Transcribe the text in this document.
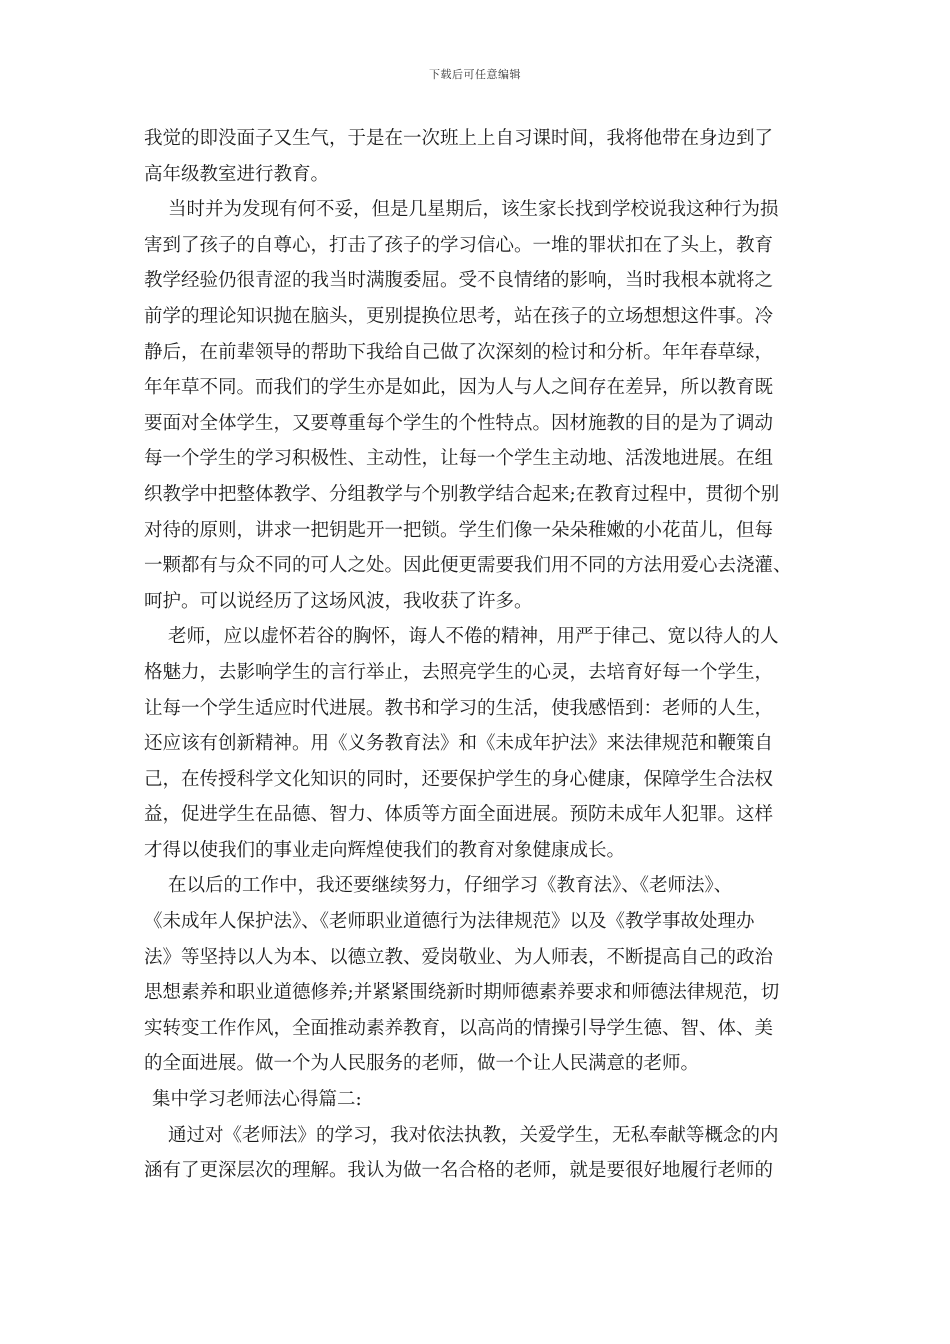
下载后可任意编辑
我觉的即没面子又生气，于是在一次班上上自习课时间，我将他带在身边到了
高年级教室进行教育。
当时并为发现有何不妥，但是几星期后，该生家长找到学校说我这种行为损
害到了孩子的自尊心，打击了孩子的学习信心。一堆的罪状扣在了头上，教育
教学经验仍很青涩的我当时满腹委屈。受不良情绪的影响，当时我根本就将之
前学的理论知识抛在脑头，更别提换位思考，站在孩子的立场想想这件事。冷
静后，在前辈领导的帮助下我给自己做了次深刻的检讨和分析。年年春草绿，
年年草不同。而我们的学生亦是如此，因为人与人之间存在差异，所以教育既
要面对全体学生，又要尊重每个学生的个性特点。因材施教的目的是为了调动
每一个学生的学习积极性、主动性，让每一个学生主动地、活泼地进展。在组
织教学中把整体教学、分组教学与个别教学结合起来;在教育过程中，贯彻个别
对待的原则，讲求一把钥匙开一把锁。学生们像一朵朵稚嫩的小花苗儿，但每
一颗都有与众不同的可人之处。因此便更需要我们用不同的方法用爱心去浇灌、
呵护。可以说经历了这场风波，我收获了许多。
老师，应以虚怀若谷的胸怀，诲人不倦的精神，用严于律己、宽以待人的人
格魅力，去影响学生的言行举止，去照亮学生的心灵，去培育好每一个学生，
让每一个学生适应时代进展。教书和学习的生活，使我感悟到：老师的人生，
还应该有创新精神。用《义务教育法》和《未成年护法》来法律规范和鞭策自
己，在传授科学文化知识的同时，还要保护学生的身心健康，保障学生合法权
益，促进学生在品德、智力、体质等方面全面进展。预防未成年人犯罪。这样
才得以使我们的事业走向辉煌使我们的教育对象健康成长。
在以后的工作中，我还要继续努力，仔细学习《教育法》、《老师法》、
《未成年人保护法》、《老师职业道德行为法律规范》以及《教学事故处理办
法》等坚持以人为本、以德立教、爱岗敬业、为人师表，不断提高自己的政治
思想素养和职业道德修养;并紧紧围绕新时期师德素养要求和师德法律规范，切
实转变工作作风，全面推动素养教育，以高尚的情操引导学生德、智、体、美
的全面进展。做一个为人民服务的老师，做一个让人民满意的老师。
集中学习老师法心得篇二:
通过对《老师法》的学习，我对依法执教，关爱学生，无私奉献等概念的内
涵有了更深层次的理解。我认为做一名合格的老师，就是要很好地履行老师的
